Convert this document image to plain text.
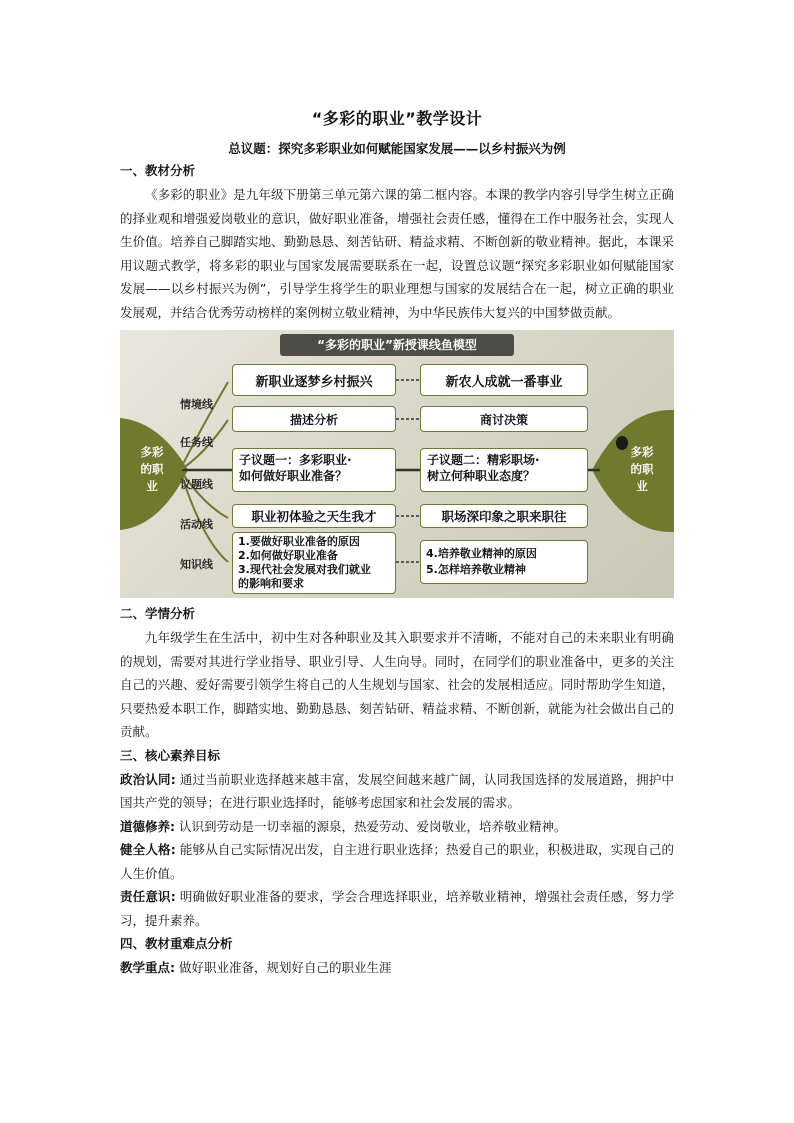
“多彩的职业”教学设计
总议题：探究多彩职业如何赋能国家发展——以乡村振兴为例
一、教材分析

《多彩的职业》是九年级下册第三单元第六课的第二框内容。本课的教学内容引导学生树立正确的择业观和增强爱岗敬业的意识，做好职业准备，增强社会责任感，懂得在工作中服务社会，实现人生价值。培养自己脚踏实地、勤勤恳恳、刻苦钻研、精益求精、不断创新的敬业精神。据此，本课采用议题式教学，将多彩的职业与国家发展需要联系在一起，设置总议题“探究多彩职业如何赋能国家发展——以乡村振兴为例”，引导学生将学生的职业理想与国家的发展结合在一起，树立正确的职业发展观，并结合优秀劳动榜样的案例树立敬业精神，为中华民族伟大复兴的中国梦做贡献。

“多彩的职业”新授课线鱼模型
多彩
的职
业
多彩
的职
业
情境线
任务线
议题线
活动线
知识线
新职业逐梦乡村振兴	新农人成就一番事业
描述分析	商讨决策
子议题一：多彩职业·
如何做好职业准备？
子议题二：精彩职场·
树立何种职业态度？
职业初体验之天生我才	职场深印象之职来职往
1.要做好职业准备的原因
2.如何做好职业准备
3.现代社会发展对我们就业
的影响和要求
4.培养敬业精神的原因
5.怎样培养敬业精神
二、学情分析

九年级学生在生活中，初中生对各种职业及其入职要求并不清晰，不能对自己的未来职业有明确的规划，需要对其进行学业指导、职业引导、人生向导。同时，在同学们的职业准备中，更多的关注自己的兴趣、爱好需要引领学生将自己的人生规划与国家、社会的发展相适应。同时帮助学生知道，只要热爱本职工作，脚踏实地、勤勤恳恳、刻苦钻研、精益求精、不断创新，就能为社会做出自己的贡献。

三、核心素养目标

政治认同: 通过当前职业选择越来越丰富，发展空间越来越广阔，认同我国选择的发展道路，拥护中国共产党的领导；在进行职业选择时，能够考虑国家和社会发展的需求。

道德修养: 认识到劳动是一切幸福的源泉，热爱劳动、爱岗敬业，培养敬业精神。

健全人格: 能够从自己实际情况出发，自主进行职业选择；热爱自己的职业，积极进取，实现自己的人生价值。

责任意识: 明确做好职业准备的要求，学会合理选择职业，培养敬业精神，增强社会责任感，努力学习，提升素养。

四、教材重难点分析

教学重点: 做好职业准备，规划好自己的职业生涯
